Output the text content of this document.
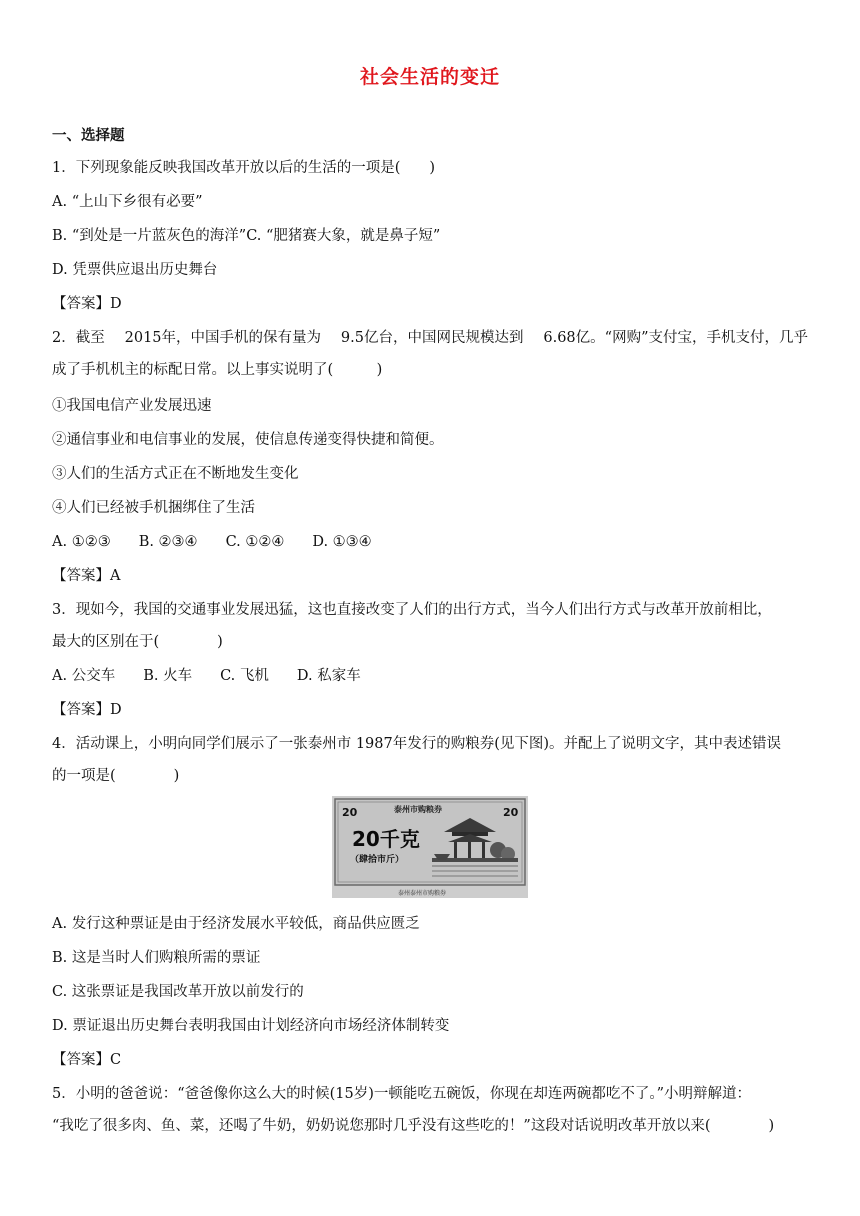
社会生活的变迁
一、选择题
1．下列现象能反映我国改革开放以后的生活的一项是(　　)
A. “上山下乡很有必要”
B. “到处是一片蓝灰色的海洋”C. “肥猪赛大象，就是鼻子短”
D. 凭票供应退出历史舞台
【答案】D
2．截至 2015年，中国手机的保有量为 9.5亿台，中国网民规模达到 6.68亿。“网购”支付宝，手机支付，几乎
成了手机机主的标配日常。以上事实说明了(　　　)
①我国电信产业发展迅速
②通信事业和电信事业的发展，使信息传递变得快捷和简便。
③人们的生活方式正在不断地发生变化
④人们已经被手机捆绑住了生活
A. ①②③ B. ②③④ C. ①②④ D. ①③④
【答案】A
3．现如今，我国的交通事业发展迅猛，这也直接改变了人们的出行方式，当今人们出行方式与改革开放前相比，
最大的区别在于(　　　　)
A. 公交车 B. 火车 C. 飞机 D. 私家车
【答案】D
4．活动课上，小明向同学们展示了一张泰州市 1987年发行的购粮券(见下图)。并配上了说明文字，其中表述错误
的一项是(　　　　)
20	20
泰州市购粮券
20千克
（肆拾市斤）
泰州泰州市购粮券
A. 发行这种票证是由于经济发展水平较低，商品供应匮乏
B. 这是当时人们购粮所需的票证
C. 这张票证是我国改革开放以前发行的
D. 票证退出历史舞台表明我国由计划经济向市场经济体制转变
【答案】C
5．小明的爸爸说：“爸爸像你这么大的时候(15岁)一顿能吃五碗饭，你现在却连两碗都吃不了。”小明辩解道：
“我吃了很多肉、鱼、菜，还喝了牛奶，奶奶说您那时几乎没有这些吃的！”这段对话说明改革开放以来(　　　　)
